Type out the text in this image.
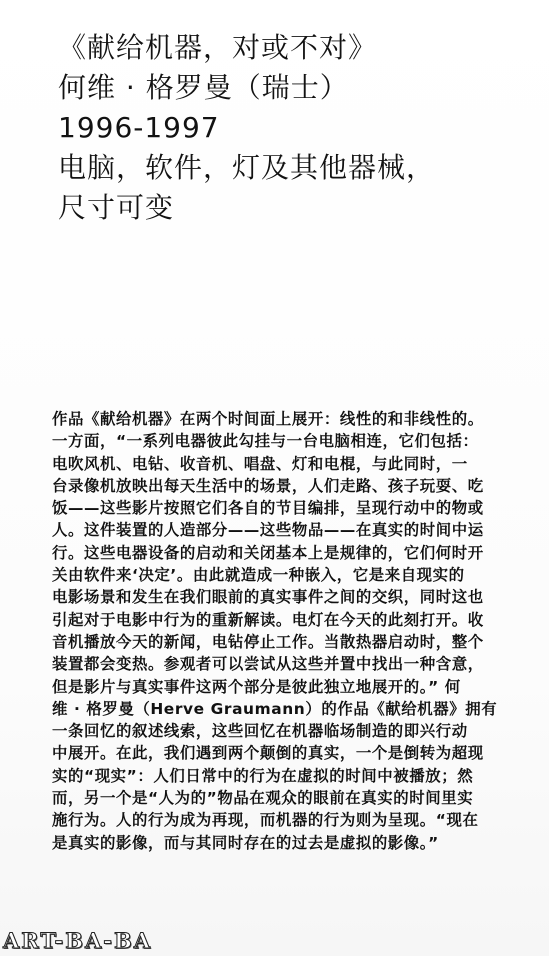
《献给机器，对或不对》
何维 · 格罗曼（瑞士）
1996-1997
电脑，软件，灯及其他器械，
尺寸可变
作品《献给机器》在两个时间面上展开：线性的和非线性的。
一方面，“一系列电器彼此勾挂与一台电脑相连，它们包括：
电吹风机、电钻、收音机、唱盘、灯和电棍，与此同时，一
台录像机放映出每天生活中的场景，人们走路、孩子玩耍、吃
饭——这些影片按照它们各自的节目编排，呈现行动中的物或
人。这件装置的人造部分——这些物品——在真实的时间中运
行。这些电器设备的启动和关闭基本上是规律的，它们何时开
关由软件来‘决定’。由此就造成一种嵌入，它是来自现实的
电影场景和发生在我们眼前的真实事件之间的交织，同时这也
引起对于电影中行为的重新解读。电灯在今天的此刻打开。收
音机播放今天的新闻，电钻停止工作。当散热器启动时，整个
装置都会变热。参观者可以尝试从这些并置中找出一种含意，
但是影片与真实事件这两个部分是彼此独立地展开的。” 何
维 · 格罗曼（Herve Graumann）的作品《献给机器》拥有
一条回忆的叙述线索，这些回忆在机器临场制造的即兴行动
中展开。在此，我们遇到两个颠倒的真实，一个是倒转为超现
实的“现实”：人们日常中的行为在虚拟的时间中被播放；然
而，另一个是“人为的”物品在观众的眼前在真实的时间里实
施行为。人的行为成为再现，而机器的行为则为呈现。“现在
是真实的影像，而与其同时存在的过去是虚拟的影像。”
ART-BA-BA
